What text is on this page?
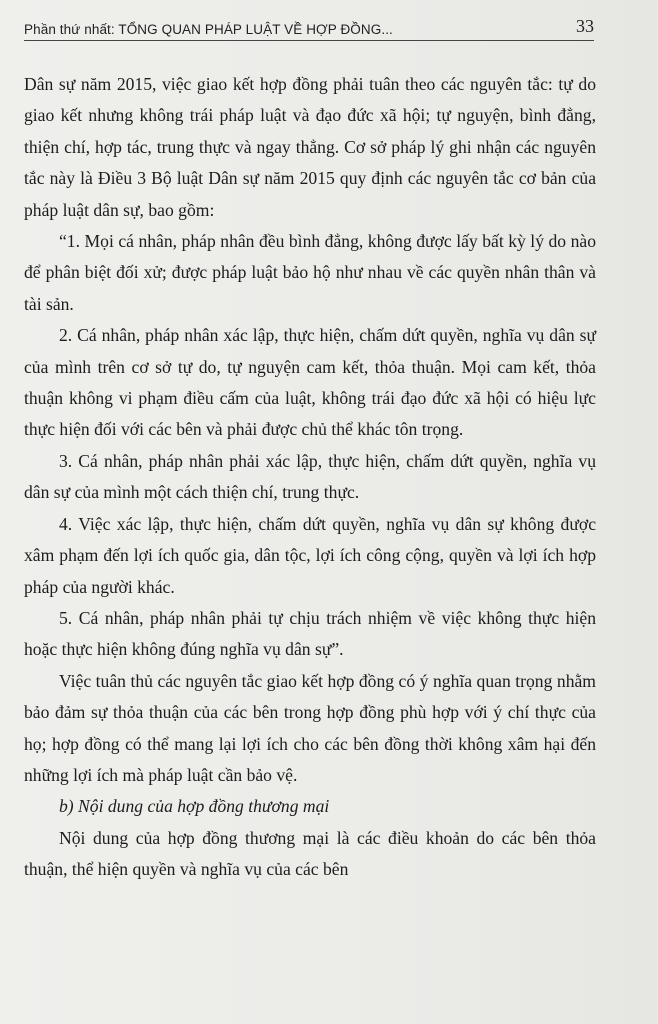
Phần thứ nhất: TỔNG QUAN PHÁP LUẬT VỀ HỢP ĐỒNG...	33

Dân sự năm 2015, việc giao kết hợp đồng phải tuân theo các nguyên tắc: tự do giao kết nhưng không trái pháp luật và đạo đức xã hội; tự nguyện, bình đẳng, thiện chí, hợp tác, trung thực và ngay thẳng. Cơ sở pháp lý ghi nhận các nguyên tắc này là Điều 3 Bộ luật Dân sự năm 2015 quy định các nguyên tắc cơ bản của pháp luật dân sự, bao gồm:

“1. Mọi cá nhân, pháp nhân đều bình đẳng, không được lấy bất kỳ lý do nào để phân biệt đối xử; được pháp luật bảo hộ như nhau về các quyền nhân thân và tài sản.

2. Cá nhân, pháp nhân xác lập, thực hiện, chấm dứt quyền, nghĩa vụ dân sự của mình trên cơ sở tự do, tự nguyện cam kết, thỏa thuận. Mọi cam kết, thỏa thuận không vi phạm điều cấm của luật, không trái đạo đức xã hội có hiệu lực thực hiện đối với các bên và phải được chủ thể khác tôn trọng.

3. Cá nhân, pháp nhân phải xác lập, thực hiện, chấm dứt quyền, nghĩa vụ dân sự của mình một cách thiện chí, trung thực.

4. Việc xác lập, thực hiện, chấm dứt quyền, nghĩa vụ dân sự không được xâm phạm đến lợi ích quốc gia, dân tộc, lợi ích công cộng, quyền và lợi ích hợp pháp của người khác.

5. Cá nhân, pháp nhân phải tự chịu trách nhiệm về việc không thực hiện hoặc thực hiện không đúng nghĩa vụ dân sự”.

Việc tuân thủ các nguyên tắc giao kết hợp đồng có ý nghĩa quan trọng nhằm bảo đảm sự thỏa thuận của các bên trong hợp đồng phù hợp với ý chí thực của họ; hợp đồng có thể mang lại lợi ích cho các bên đồng thời không xâm hại đến những lợi ích mà pháp luật cần bảo vệ.

b) Nội dung của hợp đồng thương mại

Nội dung của hợp đồng thương mại là các điều khoản do các bên thỏa thuận, thể hiện quyền và nghĩa vụ của các bên
